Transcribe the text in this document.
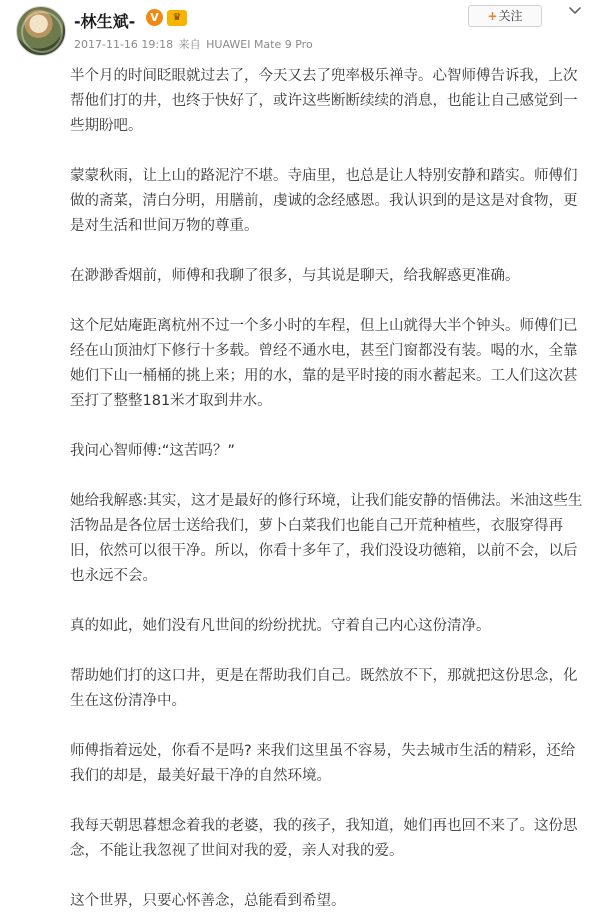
-林生斌-	V	♛
2017-11-16 19:18 来自 HUAWEI Mate 9 Pro
+关注

半个月的时间眨眼就过去了，今天又去了兜率极乐禅寺。心智师傅告诉我，上次帮他们打的井，也终于快好了，或许这些断断续续的消息，也能让自己感觉到一些期盼吧。

蒙蒙秋雨，让上山的路泥泞不堪。寺庙里，也总是让人特别安静和踏实。师傅们做的斋菜，清白分明，用膳前，虔诚的念经感恩。我认识到的是这是对食物，更是对生活和世间万物的尊重。

在渺渺香烟前，师傅和我聊了很多，与其说是聊天，给我解惑更准确。

这个尼姑庵距离杭州不过一个多小时的车程，但上山就得大半个钟头。师傅们已经在山顶油灯下修行十多载。曾经不通水电，甚至门窗都没有装。喝的水，全靠她们下山一桶桶的挑上来；用的水，靠的是平时接的雨水蓄起来。工人们这次甚至打了整整181米才取到井水。

我问心智师傅:“这苦吗？”

她给我解惑:其实，这才是最好的修行环境，让我们能安静的悟佛法。米油这些生活物品是各位居士送给我们，萝卜白菜我们也能自己开荒种植些，衣服穿得再旧，依然可以很干净。所以，你看十多年了，我们没设功德箱，以前不会，以后也永远不会。

真的如此，她们没有凡世间的纷纷扰扰。守着自己内心这份清净。

帮助她们打的这口井，更是在帮助我们自己。既然放不下，那就把这份思念，化生在这份清净中。

师傅指着远处，你看不是吗? 来我们这里虽不容易，失去城市生活的精彩，还给我们的却是，最美好最干净的自然环境。

我每天朝思暮想念着我的老婆，我的孩子，我知道，她们再也回不来了。这份思念，不能让我忽视了世间对我的爱，亲人对我的爱。

这个世界，只要心怀善念，总能看到希望。
